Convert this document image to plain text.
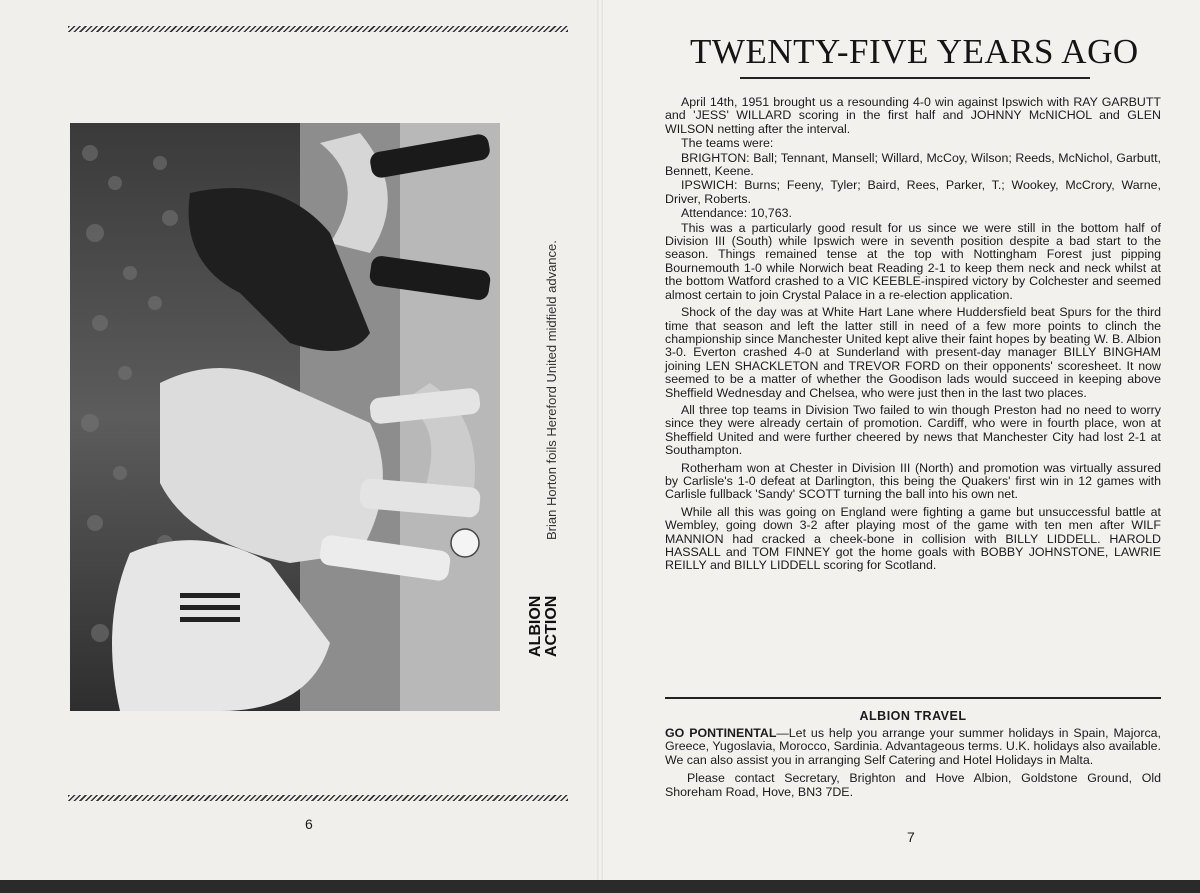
Brian Horton foils Hereford United midfield advance.
ALBION ACTION
6
TWENTY-FIVE YEARS AGO

April 14th, 1951 brought us a resounding 4-0 win against Ipswich with RAY GARBUTT and 'JESS' WILLARD scoring in the first half and JOHNNY McNICHOL and GLEN WILSON netting after the interval.

The teams were:

BRIGHTON: Ball; Tennant, Mansell; Willard, McCoy, Wilson; Reeds, McNichol, Garbutt, Bennett, Keene.

IPSWICH: Burns; Feeny, Tyler; Baird, Rees, Parker, T.; Wookey, McCrory, Warne, Driver, Roberts.

Attendance: 10,763.

This was a particularly good result for us since we were still in the bottom half of Division III (South) while Ipswich were in seventh position despite a bad start to the season. Things remained tense at the top with Nottingham Forest just pipping Bournemouth 1-0 while Norwich beat Reading 2-1 to keep them neck and neck whilst at the bottom Watford crashed to a VIC KEEBLE-inspired victory by Colchester and seemed almost certain to join Crystal Palace in a re-election application.

Shock of the day was at White Hart Lane where Huddersfield beat Spurs for the third time that season and left the latter still in need of a few more points to clinch the championship since Manchester United kept alive their faint hopes by beating W. B. Albion 3-0. Everton crashed 4-0 at Sunderland with present-day manager BILLY BINGHAM joining LEN SHACKLETON and TREVOR FORD on their opponents' scoresheet. It now seemed to be a matter of whether the Goodison lads would succeed in keeping above Sheffield Wednesday and Chelsea, who were just then in the last two places.

All three top teams in Division Two failed to win though Preston had no need to worry since they were already certain of promotion. Cardiff, who were in fourth place, won at Sheffield United and were further cheered by news that Manchester City had lost 2-1 at Southampton.

Rotherham won at Chester in Division III (North) and promotion was virtually assured by Carlisle's 1-0 defeat at Darlington, this being the Quakers' first win in 12 games with Carlisle fullback 'Sandy' SCOTT turning the ball into his own net.

While all this was going on England were fighting a game but unsuccessful battle at Wembley, going down 3-2 after playing most of the game with ten men after WILF MANNION had cracked a cheek-bone in collision with BILLY LIDDELL. HAROLD HASSALL and TOM FINNEY got the home goals with BOBBY JOHNSTONE, LAWRIE REILLY and BILLY LIDDELL scoring for Scotland.

ALBION TRAVEL

GO PONTINENTAL—Let us help you arrange your summer holidays in Spain, Majorca, Greece, Yugoslavia, Morocco, Sardinia. Advantageous terms. U.K. holidays also available. We can also assist you in arranging Self Catering and Hotel Holidays in Malta.

Please contact Secretary, Brighton and Hove Albion, Goldstone Ground, Old Shoreham Road, Hove, BN3 7DE.

7
